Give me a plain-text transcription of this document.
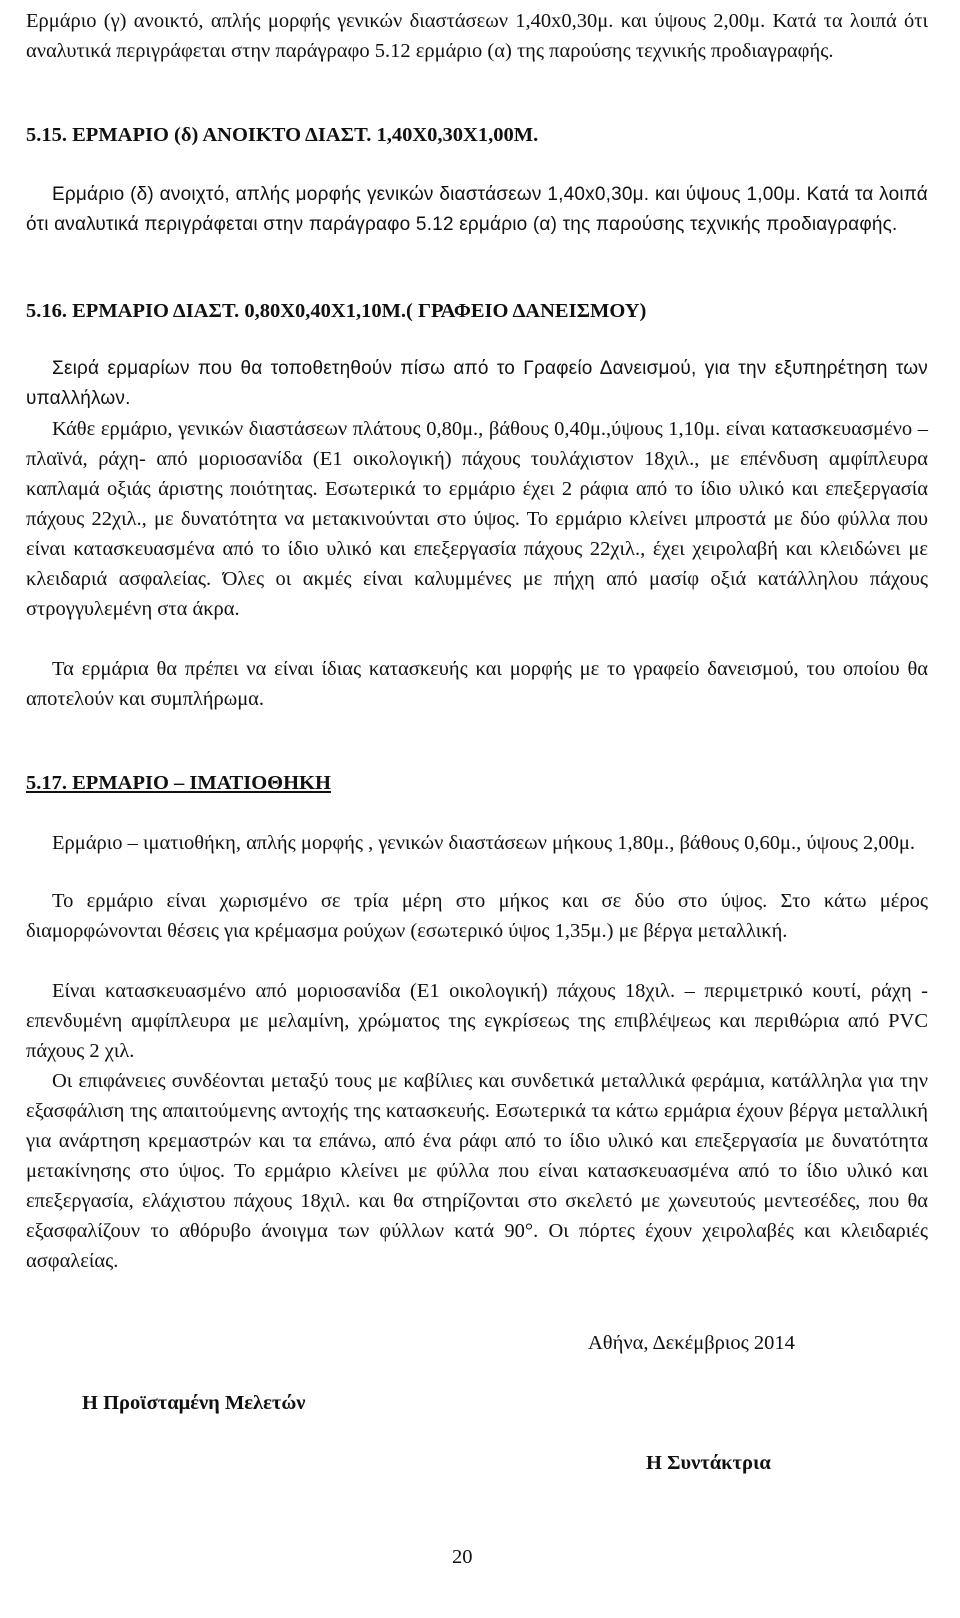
Ερμάριο (γ) ανοικτό, απλής μορφής γενικών διαστάσεων 1,40x0,30μ. και ύψους 2,00μ. Κατά τα λοιπά ότι αναλυτικά περιγράφεται στην παράγραφο 5.12 ερμάριο (α) της παρούσης τεχνικής προδιαγραφής.

5.15. ΕΡΜΑΡΙΟ (δ) ΑΝΟΙΚΤΟ ΔΙΑΣΤ. 1,40Χ0,30Χ1,00Μ.

Ερμάριο (δ) ανοιχτό, απλής μορφής γενικών διαστάσεων 1,40x0,30μ. και ύψους 1,00μ. Κατά τα λοιπά ότι αναλυτικά περιγράφεται στην παράγραφο 5.12 ερμάριο (α) της παρούσης τεχνικής προδιαγραφής.

5.16. ΕΡΜΑΡΙΟ ΔΙΑΣΤ. 0,80Χ0,40Χ1,10Μ.( ΓΡΑΦΕΙΟ ΔΑΝΕΙΣΜΟΥ)

Σειρά ερμαρίων που θα τοποθετηθούν πίσω από το Γραφείο Δανεισμού, για την εξυπηρέτηση των υπαλλήλων.

Κάθε ερμάριο, γενικών διαστάσεων πλάτους 0,80μ., βάθους 0,40μ.,ύψους 1,10μ. είναι κατασκευασμένο –πλαϊνά, ράχη- από μοριοσανίδα (Ε1 οικολογική) πάχους τουλάχιστον 18χιλ., με επένδυση αμφίπλευρα καπλαμά οξιάς άριστης ποιότητας. Εσωτερικά το ερμάριο έχει 2 ράφια από το ίδιο υλικό και επεξεργασία πάχους 22χιλ., με δυνατότητα να μετακινούνται στο ύψος. Το ερμάριο κλείνει μπροστά με δύο φύλλα που είναι κατασκευασμένα από το ίδιο υλικό και επεξεργασία πάχους 22χιλ., έχει χειρολαβή και κλειδώνει με κλειδαριά ασφαλείας. Όλες οι ακμές είναι καλυμμένες με πήχη από μασίφ οξιά κατάλληλου πάχους στρογγυλεμένη στα άκρα.

Τα ερμάρια θα πρέπει να είναι ίδιας κατασκευής και μορφής με το γραφείο δανεισμού, του οποίου θα αποτελούν και συμπλήρωμα.

5.17. ΕΡΜΑΡΙΟ – ΙΜΑΤΙΟΘΗΚΗ

Ερμάριο – ιματιοθήκη, απλής μορφής , γενικών διαστάσεων μήκους 1,80μ., βάθους 0,60μ., ύψους 2,00μ.

Το ερμάριο είναι χωρισμένο σε τρία μέρη στο μήκος και σε δύο στο ύψος. Στο κάτω μέρος διαμορφώνονται θέσεις για κρέμασμα ρούχων (εσωτερικό ύψος 1,35μ.) με βέργα μεταλλική.

Είναι κατασκευασμένο από μοριοσανίδα (Ε1 οικολογική) πάχους 18χιλ. – περιμετρικό κουτί, ράχη - επενδυμένη αμφίπλευρα με μελαμίνη, χρώματος της εγκρίσεως της επιβλέψεως και περιθώρια από PVC πάχους 2 χιλ.

Οι επιφάνειες συνδέονται μεταξύ τους με καβίλιες και συνδετικά μεταλλικά φεράμια, κατάλληλα για την εξασφάλιση της απαιτούμενης αντοχής της κατασκευής. Εσωτερικά τα κάτω ερμάρια έχουν βέργα μεταλλική για ανάρτηση κρεμαστρών και τα επάνω, από ένα ράφι από το ίδιο υλικό και επεξεργασία με δυνατότητα μετακίνησης στο ύψος. Το ερμάριο κλείνει με φύλλα που είναι κατασκευασμένα από το ίδιο υλικό και επεξεργασία, ελάχιστου πάχους 18χιλ. και θα στηρίζονται στο σκελετό με χωνευτούς μεντεσέδες, που θα εξασφαλίζουν το αθόρυβο άνοιγμα των φύλλων κατά 90°. Οι πόρτες έχουν χειρολαβές και κλειδαριές ασφαλείας.

Αθήνα, Δεκέμβριος 2014

Η Προϊσταμένη Μελετών

Η Συντάκτρια

20
